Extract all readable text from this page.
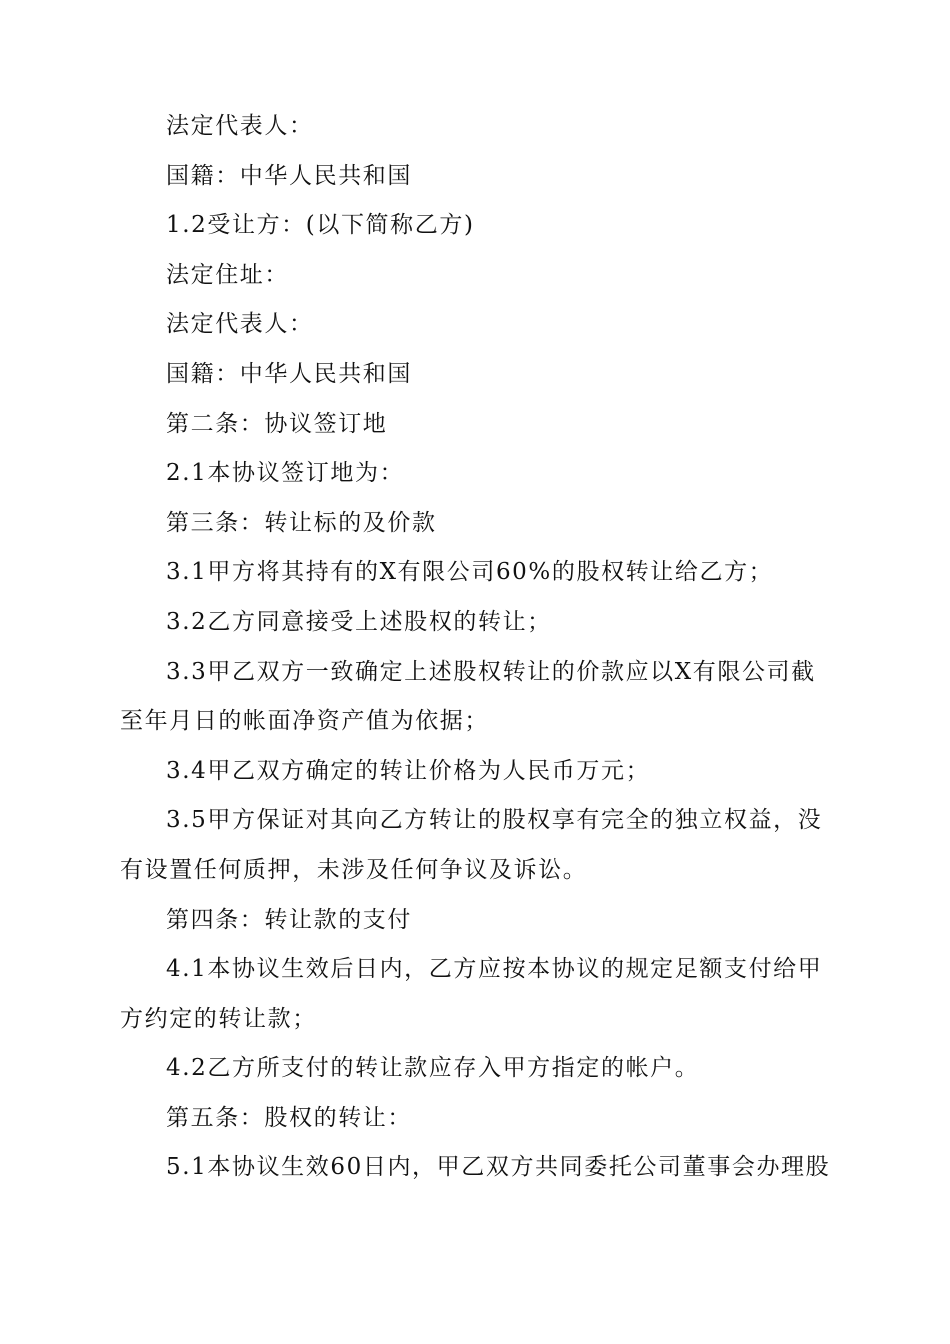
法定代表人：

国籍：中华人民共和国

1.2受让方：(以下简称乙方)

法定住址：

法定代表人：

国籍：中华人民共和国

第二条：协议签订地

2.1本协议签订地为：

第三条：转让标的及价款

3.1甲方将其持有的X有限公司60%的股权转让给乙方；

3.2乙方同意接受上述股权的转让；

3.3甲乙双方一致确定上述股权转让的价款应以X有限公司截至年月日的帐面净资产值为依据；

3.4甲乙双方确定的转让价格为人民币万元；

3.5甲方保证对其向乙方转让的股权享有完全的独立权益，没有设置任何质押，未涉及任何争议及诉讼。

第四条：转让款的支付

4.1本协议生效后日内，乙方应按本协议的规定足额支付给甲方约定的转让款；

4.2乙方所支付的转让款应存入甲方指定的帐户。

第五条：股权的转让：

5.1本协议生效60日内，甲乙双方共同委托公司董事会办理股
